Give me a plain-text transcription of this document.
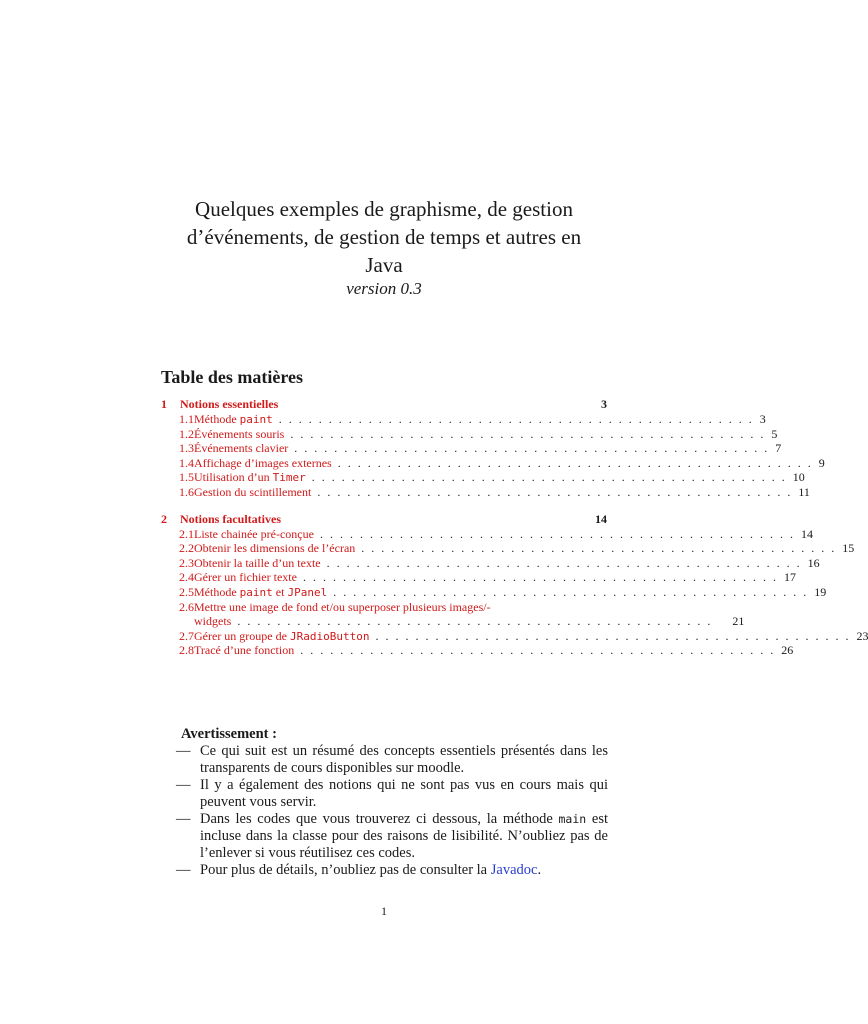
Quelques exemples de graphisme, de gestion
d’événements, de gestion de temps et autres en
Java
version 0.3
Table des matières
1	Notions essentielles	3
1.1 Méthode paint . . . . . . . . . . . . . . . . . . . . . . . . . . . . . . . . . . . . . . . . . . . . . . . . 3
1.2 Événements souris . . . . . . . . . . . . . . . . . . . . . . . . . . . . . . . . . . . . . . . . . . . . . . . . 5
1.3 Événements clavier . . . . . . . . . . . . . . . . . . . . . . . . . . . . . . . . . . . . . . . . . . . . . . . . 7
1.4 Affichage d’images externes . . . . . . . . . . . . . . . . . . . . . . . . . . . . . . . . . . . . . . . . . . . . . . . . 9
1.5 Utilisation d’un Timer . . . . . . . . . . . . . . . . . . . . . . . . . . . . . . . . . . . . . . . . . . . . . . . . 10
1.6 Gestion du scintillement . . . . . . . . . . . . . . . . . . . . . . . . . . . . . . . . . . . . . . . . . . . . . . . . 11
2	Notions facultatives	14
2.1 Liste chainée pré-conçue . . . . . . . . . . . . . . . . . . . . . . . . . . . . . . . . . . . . . . . . . . . . . . . . 14
2.2 Obtenir les dimensions de l’écran . . . . . . . . . . . . . . . . . . . . . . . . . . . . . . . . . . . . . . . . . . . . . . . . 15
2.3 Obtenir la taille d’un texte . . . . . . . . . . . . . . . . . . . . . . . . . . . . . . . . . . . . . . . . . . . . . . . . 16
2.4 Gérer un fichier texte . . . . . . . . . . . . . . . . . . . . . . . . . . . . . . . . . . . . . . . . . . . . . . . . 17
2.5 Méthode paint et JPanel . . . . . . . . . . . . . . . . . . . . . . . . . . . . . . . . . . . . . . . . . . . . . . . . 19
2.6 Mettre une image de fond et/ou superposer plusieurs images/-
widgets . . . . . . . . . . . . . . . . . . . . . . . . . . . . . . . . . . . . . . . . . . . . . . . .	21
2.7 Gérer un groupe de JRadioButton . . . . . . . . . . . . . . . . . . . . . . . . . . . . . . . . . . . . . . . . . . . . . . . . 23
2.8 Tracé d’une fonction . . . . . . . . . . . . . . . . . . . . . . . . . . . . . . . . . . . . . . . . . . . . . . . . 26
Avertissement :
— Ce qui suit est un résumé des concepts essentiels présentés dans les transparents de cours disponibles sur moodle.
— Il y a également des notions qui ne sont pas vus en cours mais qui peuvent vous servir.
— Dans les codes que vous trouverez ci dessous, la méthode main est incluse dans la classe pour des raisons de lisibilité. N’oubliez pas de l’enlever si vous réutilisez ces codes.
— Pour plus de détails, n’oubliez pas de consulter la Javadoc.
1
